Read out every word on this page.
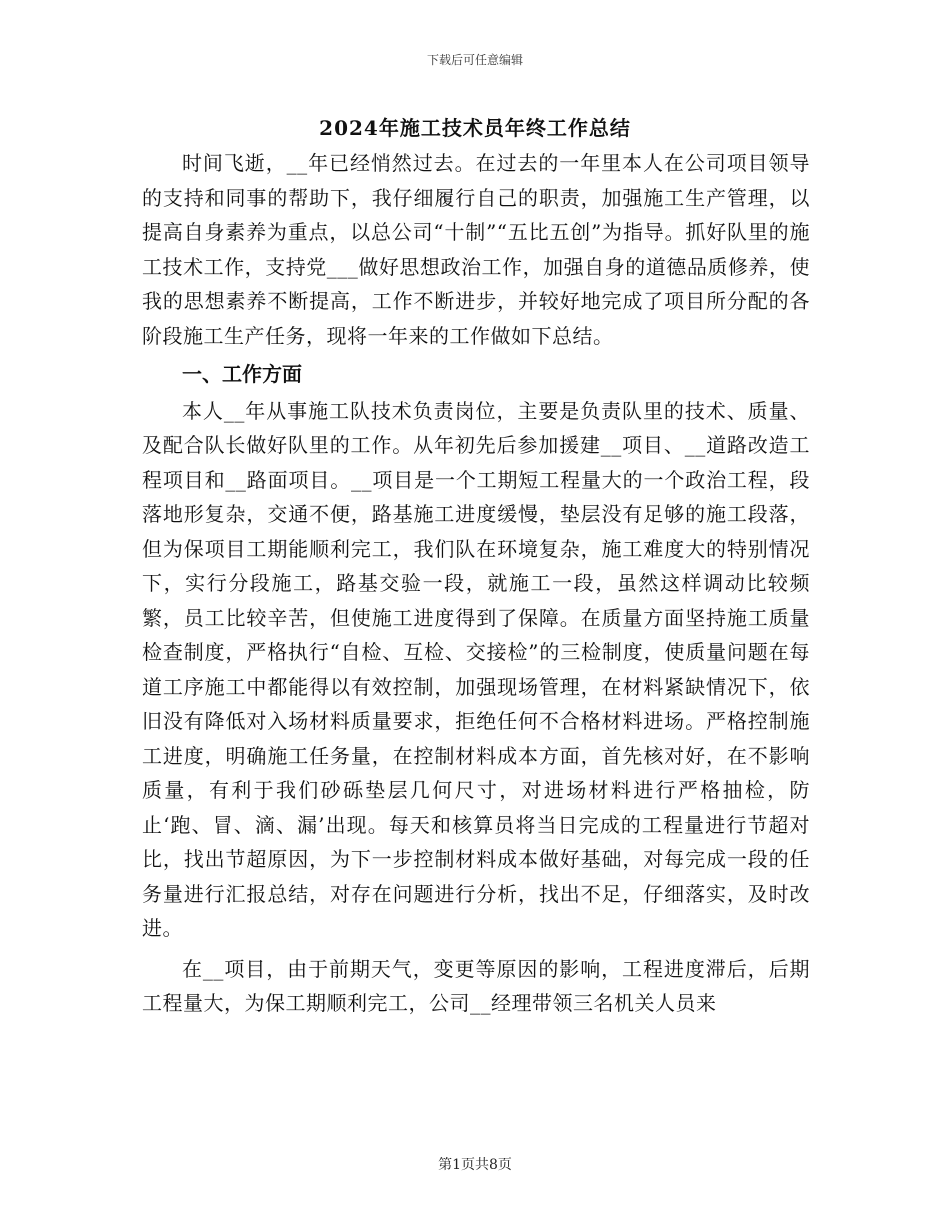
下载后可任意编辑
2024年施工技术员年终工作总结

时间飞逝，__年已经悄然过去。在过去的一年里本人在公司项目领导的支持和同事的帮助下，我仔细履行自己的职责，加强施工生产管理，以提高自身素养为重点，以总公司“十制”“五比五创”为指导。抓好队里的施工技术工作，支持党___做好思想政治工作，加强自身的道德品质修养，使我的思想素养不断提高，工作不断进步，并较好地完成了项目所分配的各阶段施工生产任务，现将一年来的工作做如下总结。

一、工作方面

本人__年从事施工队技术负责岗位，主要是负责队里的技术、质量、及配合队长做好队里的工作。从年初先后参加援建__项目、__道路改造工程项目和__路面项目。__项目是一个工期短工程量大的一个政治工程，段落地形复杂，交通不便，路基施工进度缓慢，垫层没有足够的施工段落，但为保项目工期能顺利完工，我们队在环境复杂，施工难度大的特别情况下，实行分段施工，路基交验一段，就施工一段，虽然这样调动比较频繁，员工比较辛苦，但使施工进度得到了保障。在质量方面坚持施工质量检查制度，严格执行“自检、互检、交接检”的三检制度，使质量问题在每道工序施工中都能得以有效控制，加强现场管理，在材料紧缺情况下，依旧没有降低对入场材料质量要求，拒绝任何不合格材料进场。严格控制施工进度，明确施工任务量，在控制材料成本方面，首先核对好，在不影响质量，有利于我们砂砾垫层几何尺寸，对进场材料进行严格抽检，防止‘跑、冒、滴、漏’出现。每天和核算员将当日完成的工程量进行节超对比，找出节超原因，为下一步控制材料成本做好基础，对每完成一段的任务量进行汇报总结，对存在问题进行分析，找出不足，仔细落实，及时改进。

在__项目，由于前期天气，变更等原因的影响，工程进度滞后，后期工程量大，为保工期顺利完工，公司__经理带领三名机关人员来

第1页共8页
